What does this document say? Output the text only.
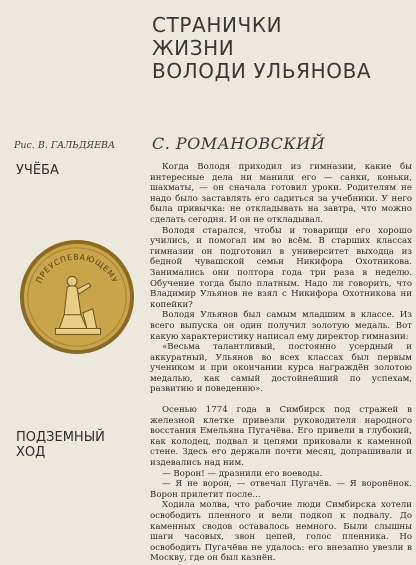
СТРАНИЧКИ
ЖИЗНИ
ВОЛОДИ УЛЬЯНОВА
Рис. В. ГАЛЬДЯЕВА	С. РОМАНОВСКИЙ
УЧЁБА
ПРЕУСПЕВАЮЩЕМУ
ПОДЗЕМНЫЙ
ХОД

Когда Володя приходил из гимназии, какие бы интересные дела ни манили его — санки, коньки, шахматы, — он сначала готовил уроки. Родителям не надо было заставлять его садиться за учебники. У него была привычка: не откладывать на завтра, что можно сделать сегодня. И он не откладывал.

Володя старался, чтобы и товарищи его хорошо учились, и помогал им во всём. В старших классах гимназии он подготовил в университет выходца из бедной чувашской семьи Никифора Охотникова. Занимались они полтора года три раза в неделю. Обучение тогда было платным. Надо ли говорить, что Владимир Ульянов не взял с Никифора Охотникова ни копейки?

Володя Ульянов был самым младшим в классе. Из всего выпуска он один получил золотую медаль. Вот какую характеристику написал ему директор гимназии:

«Весьма талантливый, постоянно усердный и аккуратный, Ульянов во всех классах был первым учеником и при окончании курса награждён золотою медалью, как самый достойнейший по успехам, развитию и поведению».

Осенью 1774 года в Симбирск под стражей в железной клетке привезли руководителя народного восстания Емельяна Пугачёва. Его привели в глубокий, как колодец, подвал и цепями приковали к каменной стене. Здесь его держали почти месяц, допрашивали и издевались над ним.

— Ворон! — дразнили его воеводы.

— Я не ворон, — отвечал Пугачёв. — Я воронёнок. Ворон прилетит после...

Ходила молва, что рабочие люди Симбирска хотели освободить пленного и вели подкоп к подвалу. До каменных сводов оставалось немного. Были слышны шаги часовых, звон цепей, голос пленника. Но освободить Пугачёва не удалось: его внезапно увезли в Москву, где он был казнён.
